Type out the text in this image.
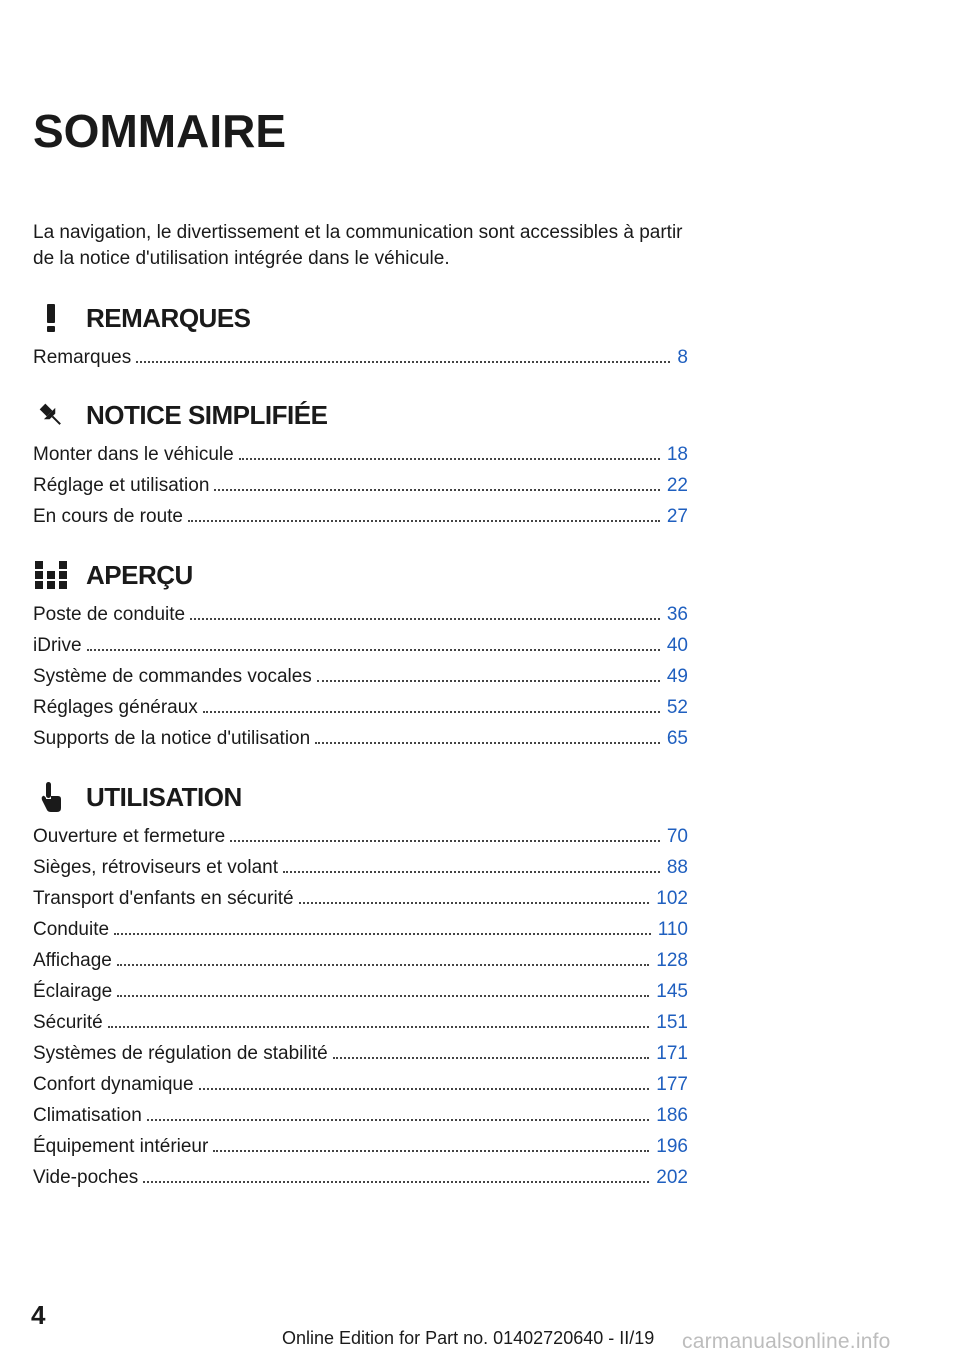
SOMMAIRE

La navigation, le divertissement et la communication sont accessibles à partir de la notice d'utilisation intégrée dans le véhicule.

REMARQUES
Remarques	8
NOTICE SIMPLIFIÉE
Monter dans le véhicule	18
Réglage et utilisation	22
En cours de route	27
APERÇU
Poste de conduite	36
iDrive	40
Système de commandes vocales	49
Réglages généraux	52
Supports de la notice d'utilisation	65
UTILISATION
Ouverture et fermeture	70
Sièges, rétroviseurs et volant	88
Transport d'enfants en sécurité	102
Conduite	110
Affichage	128
Éclairage	145
Sécurité	151
Systèmes de régulation de stabilité	171
Confort dynamique	177
Climatisation	186
Équipement intérieur	196
Vide-poches	202

4

Online Edition for Part no. 01402720640 - II/19 carmanualsonline.info
